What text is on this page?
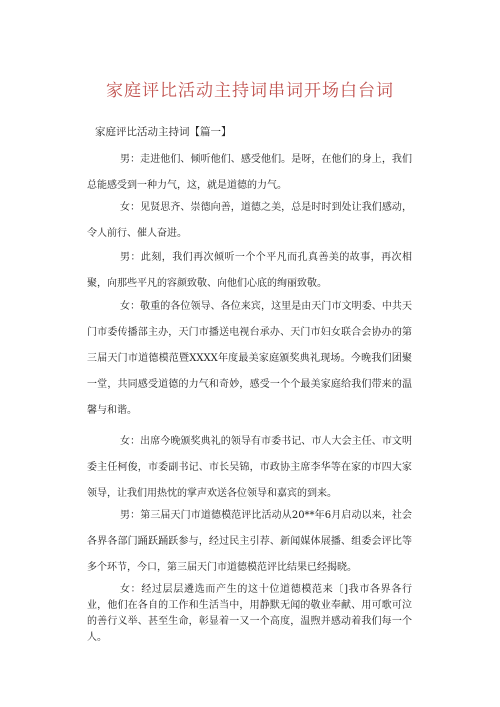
家庭评比活动主持词串词开场白台词

家庭评比活动主持词【篇一】

男：走进他们、倾听他们、感受他们。是呀，在他们的身上，我们总能感受到一种力气，这，就是道德的力气。

女：见贤思齐、崇德向善，道德之美，总是时时到处让我们感动，令人前行、催人奋进。

男：此刻，我们再次倾听一个个平凡而孔真善美的故事，再次相聚，向那些平凡的容颜致敬、向他们心底的绚丽致敬。

女：敬重的各位领导、各位来宾，这里是由天门市文明委、中共天门市委传播部主办，天门市播送电视台承办、天门市妇女联合会协办的第三届天门市道德模范暨XXXX年度最美家庭颁奖典礼现场。今晚我们团聚一堂，共同感受道德的力气和奇妙，感受一个个最美家庭给我们带来的温馨与和谐。

女：出席今晚颁奖典礼的领导有市委书记、市人大会主任、市文明委主任柯俊，市委副书记、市长吴锦，市政协主席李华等在家的市四大家领导，让我们用热忱的掌声欢送各位领导和嘉宾的到来。

男：第三届天门市道德模范评比活动从20**年6月启动以来，社会各界各部门踊跃踊跃参与，经过民主引荐、新闻媒体展播、组委会评比等多个环节，今口，第三届天门市道德模范评比结果已经揭晓。

女：经过层层遴选而产生的这十位道德模范来〔]我市各界各行业，他们在各自的工作和生活当中，用静默无闻的敬业奉献、用可歌可泣的善行义举、甚至生命，彰显着一又一个高度，温煦并感动着我们每一个人。
